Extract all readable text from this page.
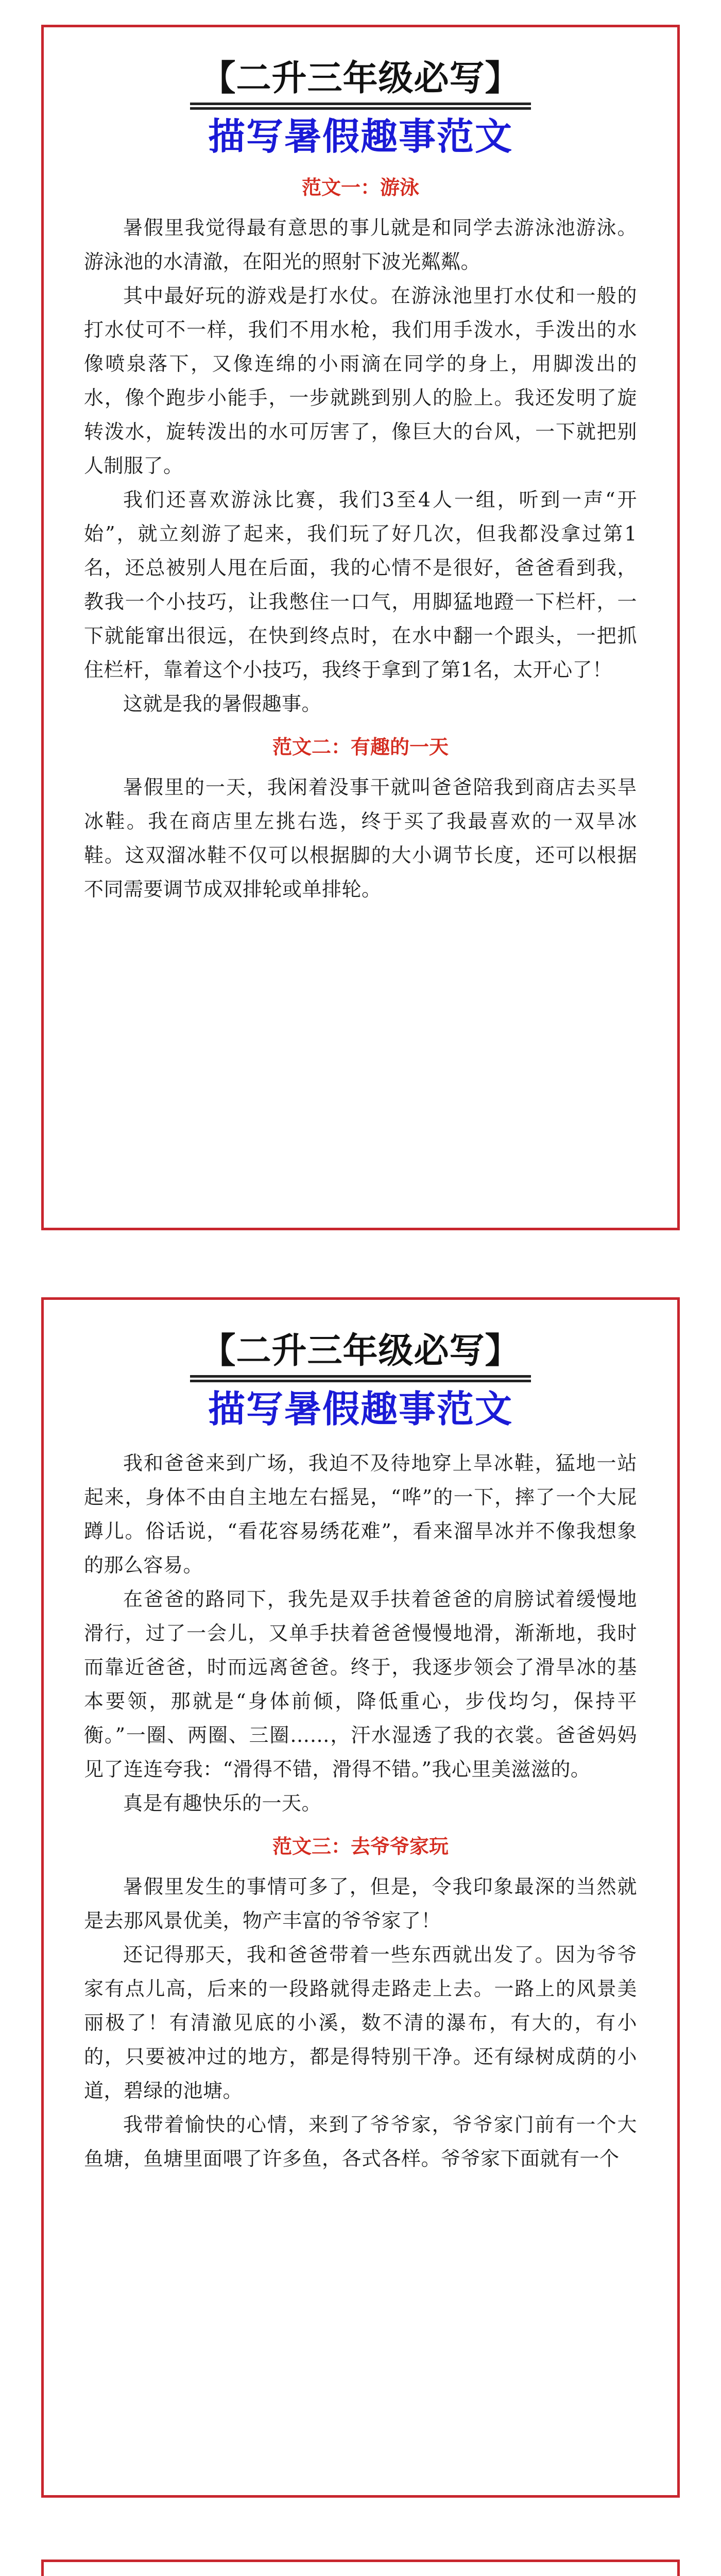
【二升三年级必写】
描写暑假趣事范文
范文一：游泳

暑假里我觉得最有意思的事儿就是和同学去游泳池游泳。游泳池的水清澈，在阳光的照射下波光粼粼。

其中最好玩的游戏是打水仗。在游泳池里打水仗和一般的打水仗可不一样，我们不用水枪，我们用手泼水，手泼出的水像喷泉落下，又像连绵的小雨滴在同学的身上，用脚泼出的水，像个跑步小能手，一步就跳到别人的脸上。我还发明了旋转泼水，旋转泼出的水可厉害了，像巨大的台风，一下就把别人制服了。

我们还喜欢游泳比赛，我们3至4人一组，听到一声“开始”，就立刻游了起来，我们玩了好几次，但我都没拿过第1名，还总被别人甩在后面，我的心情不是很好，爸爸看到我，教我一个小技巧，让我憋住一口气，用脚猛地蹬一下栏杆，一下就能窜出很远，在快到终点时，在水中翻一个跟头，一把抓住栏杆，靠着这个小技巧，我终于拿到了第1名，太开心了！

这就是我的暑假趣事。

范文二：有趣的一天

暑假里的一天，我闲着没事干就叫爸爸陪我到商店去买旱冰鞋。我在商店里左挑右选，终于买了我最喜欢的一双旱冰鞋。这双溜冰鞋不仅可以根据脚的大小调节长度，还可以根据不同需要调节成双排轮或单排轮。

【二升三年级必写】
描写暑假趣事范文

我和爸爸来到广场，我迫不及待地穿上旱冰鞋，猛地一站起来，身体不由自主地左右摇晃，“哗”的一下，摔了一个大屁蹲儿。俗话说，“看花容易绣花难”，看来溜旱冰并不像我想象的那么容易。

在爸爸的路同下，我先是双手扶着爸爸的肩膀试着缓慢地滑行，过了一会儿，又单手扶着爸爸慢慢地滑，渐渐地，我时而靠近爸爸，时而远离爸爸。终于，我逐步领会了滑旱冰的基本要领，那就是“身体前倾，降低重心，步伐均匀，保持平衡。”一圈、两圈、三圈……，汗水湿透了我的衣裳。爸爸妈妈见了连连夸我：“滑得不错，滑得不错。”我心里美滋滋的。

真是有趣快乐的一天。

范文三：去爷爷家玩

暑假里发生的事情可多了，但是，令我印象最深的当然就是去那风景优美，物产丰富的爷爷家了！

还记得那天，我和爸爸带着一些东西就出发了。因为爷爷家有点儿高，后来的一段路就得走路走上去。一路上的风景美丽极了！有清澈见底的小溪，数不清的瀑布，有大的，有小的，只要被冲过的地方，都是得特别干净。还有绿树成荫的小道，碧绿的池塘。

我带着愉快的心情，来到了爷爷家，爷爷家门前有一个大鱼塘，鱼塘里面喂了许多鱼，各式各样。爷爷家下面就有一个
